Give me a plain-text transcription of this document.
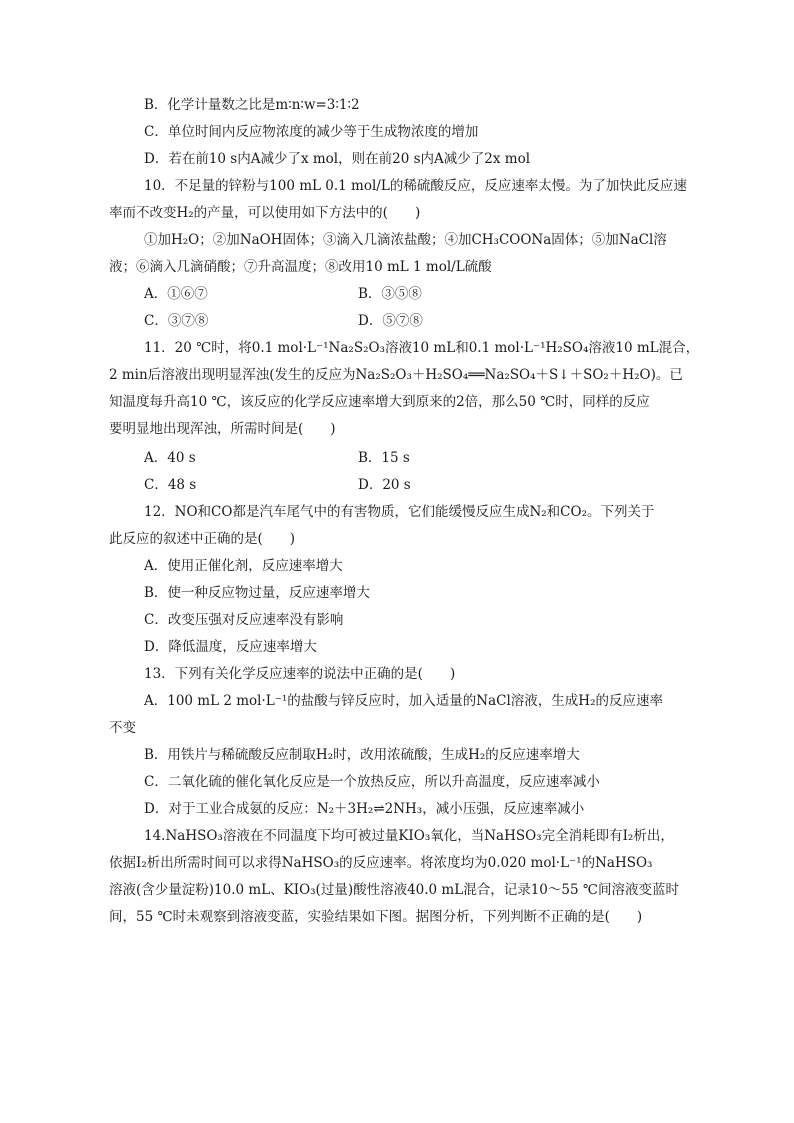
B．化学计量数之比是m∶n∶w=3∶1∶2
C．单位时间内反应物浓度的减少等于生成物浓度的增加
D．若在前10 s内A减少了x mol，则在前20 s内A减少了2x mol
10．不足量的锌粉与100 mL 0.1 mol/L的稀硫酸反应，反应速率太慢。为了加快此反应速
率而不改变H₂的产量，可以使用如下方法中的(　　)
①加H₂O；②加NaOH固体；③滴入几滴浓盐酸；④加CH₃COONa固体；⑤加NaCl溶
液；⑥滴入几滴硝酸；⑦升高温度；⑧改用10 mL 1 mol/L硫酸
A．①⑥⑦	B．③⑤⑧
C．③⑦⑧	D．⑤⑦⑧
11．20 ℃时，将0.1 mol·L⁻¹Na₂S₂O₃溶液10 mL和0.1 mol·L⁻¹H₂SO₄溶液10 mL混合，
2 min后溶液出现明显浑浊(发生的反应为Na₂S₂O₃＋H₂SO₄══Na₂SO₄＋S↓＋SO₂＋H₂O)。已
知温度每升高10 ℃，该反应的化学反应速率增大到原来的2倍，那么50 ℃时，同样的反应
要明显地出现浑浊，所需时间是(　　)
A．40 s	B．15 s
C．48 s	D．20 s
12．NO和CO都是汽车尾气中的有害物质，它们能缓慢反应生成N₂和CO₂。下列关于
此反应的叙述中正确的是(　　)
A．使用正催化剂，反应速率增大
B．使一种反应物过量，反应速率增大
C．改变压强对反应速率没有影响
D．降低温度，反应速率增大
13．下列有关化学反应速率的说法中正确的是(　　)
A．100 mL 2 mol·L⁻¹的盐酸与锌反应时，加入适量的NaCl溶液，生成H₂的反应速率
不变
B．用铁片与稀硫酸反应制取H₂时，改用浓硫酸，生成H₂的反应速率增大
C．二氧化硫的催化氧化反应是一个放热反应，所以升高温度，反应速率减小
D．对于工业合成氨的反应：N₂＋3H₂⇌2NH₃，减小压强，反应速率减小
14.NaHSO₃溶液在不同温度下均可被过量KIO₃氧化，当NaHSO₃完全消耗即有I₂析出，
依据I₂析出所需时间可以求得NaHSO₃的反应速率。将浓度均为0.020 mol·L⁻¹的NaHSO₃
溶液(含少量淀粉)10.0 mL、KIO₃(过量)酸性溶液40.0 mL混合，记录10～55 ℃间溶液变蓝时
间，55 ℃时未观察到溶液变蓝，实验结果如下图。据图分析，下列判断不正确的是(　　)
